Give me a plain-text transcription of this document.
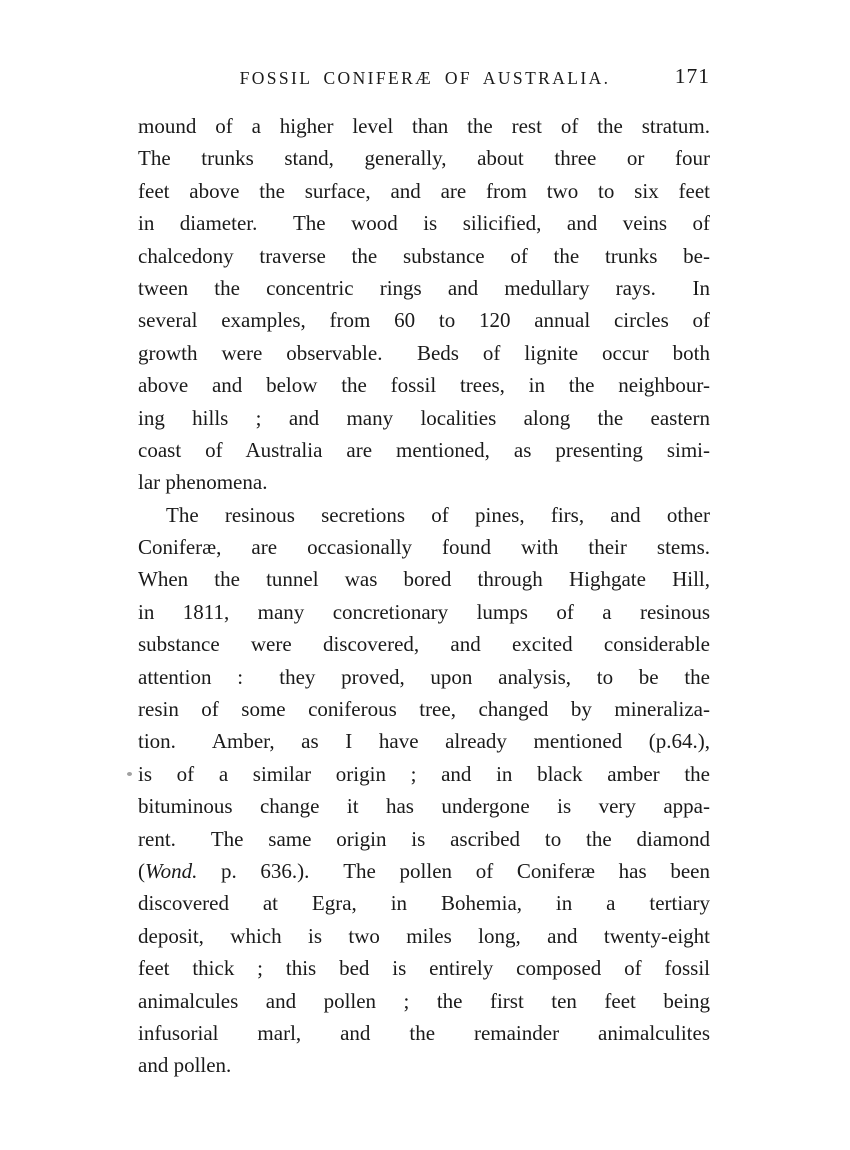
FOSSIL CONIFERÆ OF AUSTRALIA.	171
mound of a higher level than the rest of the stratum.
The trunks stand, generally, about three or four
feet above the surface, and are from two to six feet
in diameter.  The wood is silicified, and veins of
chalcedony traverse the substance of the trunks be-
tween the concentric rings and medullary rays.  In
several examples, from 60 to 120 annual circles of
growth were observable.  Beds of lignite occur both
above and below the fossil trees, in the neighbour-
ing hills ; and many localities along the eastern
coast of Australia are mentioned, as presenting simi-
lar phenomena.
The resinous secretions of pines, firs, and other
Coniferæ, are occasionally found with their stems.
When the tunnel was bored through Highgate Hill,
in 1811, many concretionary lumps of a resinous
substance were discovered, and excited considerable
attention :  they proved, upon analysis, to be the
resin of some coniferous tree, changed by mineraliza-
tion.  Amber, as I have already mentioned (p.64.),
is of a similar origin ; and in black amber the
bituminous change it has undergone is very appa-
rent.  The same origin is ascribed to the diamond
(Wond. p. 636.).  The pollen of Coniferæ has been
discovered at Egra, in Bohemia, in a tertiary
deposit, which is two miles long, and twenty-eight
feet thick ; this bed is entirely composed of fossil
animalcules and pollen ; the first ten feet being
infusorial marl, and the remainder animalculites
and pollen.
